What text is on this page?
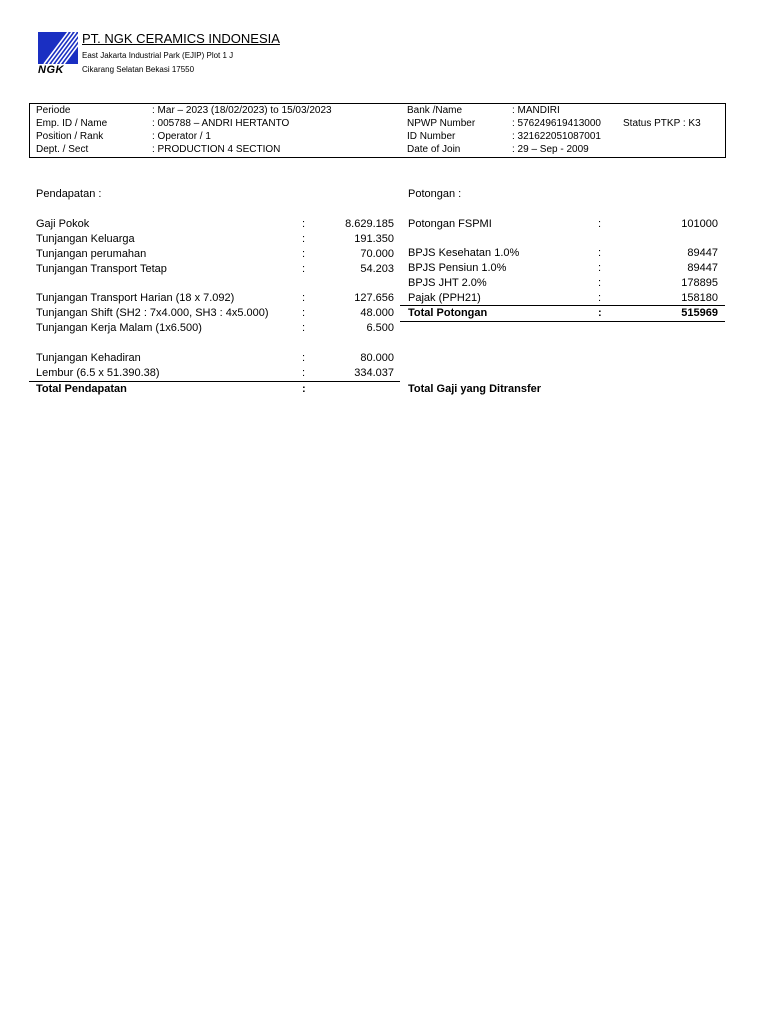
NGK
PT. NGK CERAMICS INDONESIA
East Jakarta Industrial Park (EJIP) Plot 1 J
Cikarang Selatan Bekasi 17550
Periode	: Mar – 2023 (18/02/2023) to 15/03/2023	Bank /Name	: MANDIRI
Emp. ID / Name	: 005788 – ANDRI HERTANTO	NPWP Number	: 576249619413000 Status PTKP : K3
Position / Rank	: Operator / 1	ID Number	: 321622051087001
Dept. / Sect	: PRODUCTION 4 SECTION	Date of Join	: 29 – Sep - 2009
Pendapatan :	Potongan :
Gaji Pokok	:	8.629.185
Tunjangan Keluarga	:	191.350
Tunjangan perumahan	:	70.000
Tunjangan Transport Tetap	:	54.203
Tunjangan Transport Harian (18 x 7.092)	:	127.656
Tunjangan Shift (SH2 : 7x4.000, SH3 : 4x5.000)	:	48.000
Tunjangan Kerja Malam (1x6.500)	:	6.500
Tunjangan Kehadiran	:	80.000
Lembur (6.5 x 51.390.38)	:	334.037
Total Pendapatan	:
Potongan FSPMI	:	101000
BPJS Kesehatan 1.0%	:	89447
BPJS Pensiun 1.0%	:	89447
BPJS JHT 2.0%	:	178895
Pajak (PPH21)	:	158180
Total Potongan	:	515969
Total Gaji yang Ditransfer
